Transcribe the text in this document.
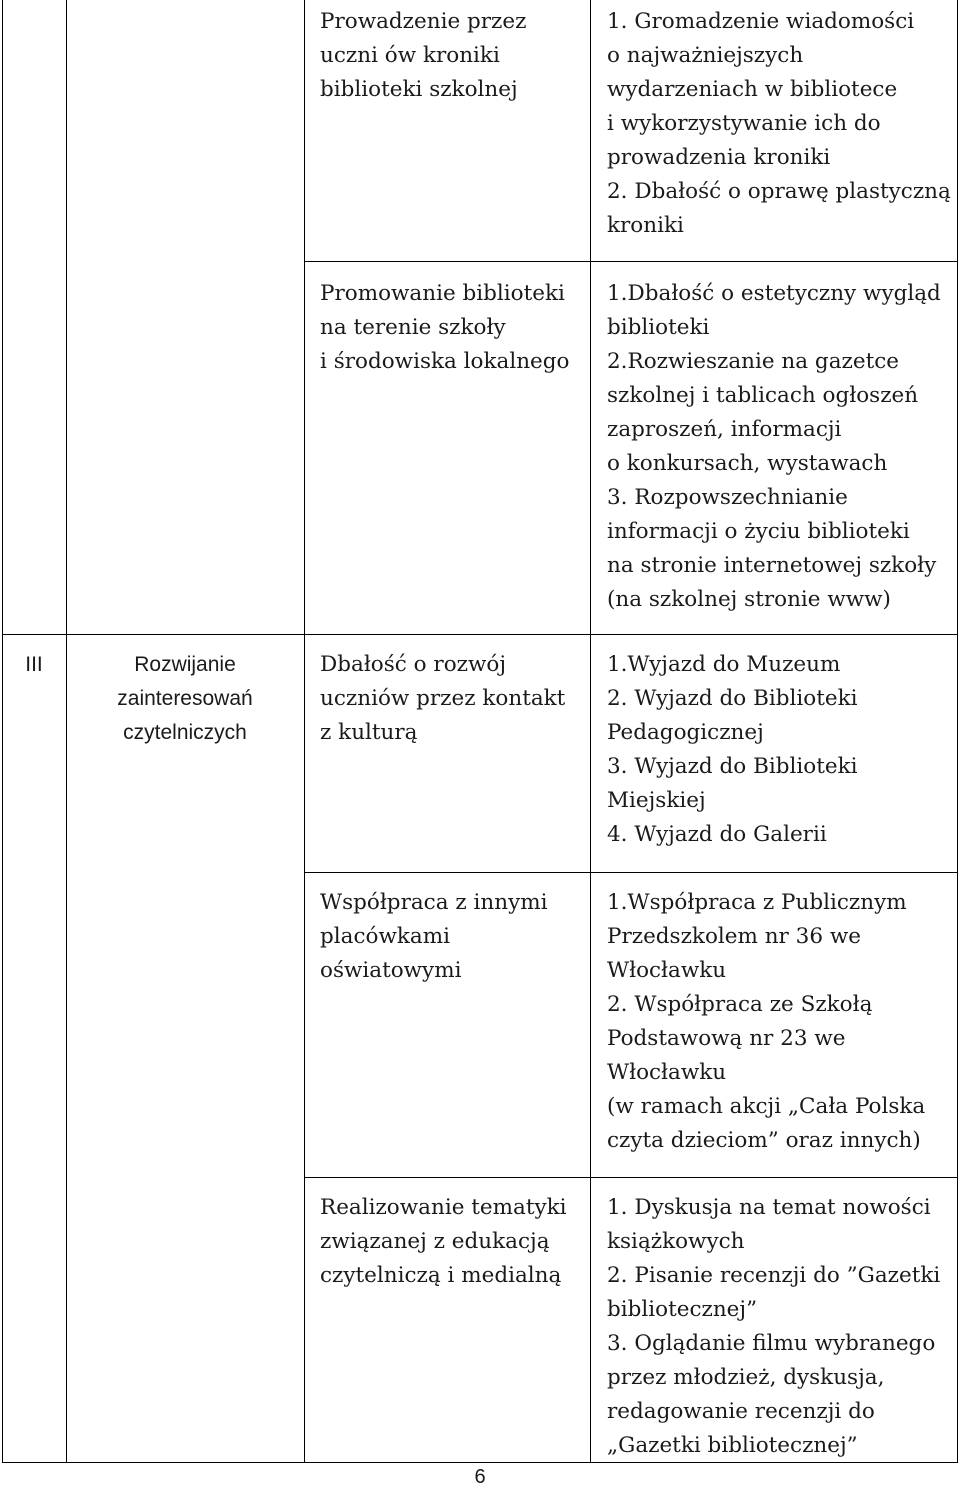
Prowadzenie przez
uczni ów kroniki
biblioteki szkolnej
1. Gromadzenie wiadomości
o najważniejszych
wydarzeniach w bibliotece
i wykorzystywanie ich do
prowadzenia kroniki
2. Dbałość o oprawę plastyczną
kroniki
Promowanie biblioteki
na terenie szkoły
i środowiska lokalnego
1.Dbałość o estetyczny wygląd
biblioteki
2.Rozwieszanie na gazetce
szkolnej i tablicach ogłoszeń
zaproszeń, informacji
o konkursach, wystawach
3. Rozpowszechnianie
informacji o życiu biblioteki
na stronie internetowej szkoły
(na szkolnej stronie www)
III	Rozwijanie
zainteresowań
czytelniczych
Dbałość o rozwój
uczniów przez kontakt
z kulturą
1.Wyjazd do Muzeum
2. Wyjazd do Biblioteki
Pedagogicznej
3. Wyjazd do Biblioteki
Miejskiej
4. Wyjazd do Galerii
Współpraca z innymi
placówkami
oświatowymi
1.Współpraca z Publicznym
Przedszkolem nr 36 we
Włocławku
2. Współpraca ze Szkołą
Podstawową nr 23 we
Włocławku
(w ramach akcji „Cała Polska
czyta dzieciom” oraz innych)
Realizowanie tematyki
związanej z edukacją
czytelniczą i medialną
1. Dyskusja na temat nowości
książkowych
2. Pisanie recenzji do ”Gazetki
bibliotecznej”
3. Oglądanie filmu wybranego
przez młodzież, dyskusja,
redagowanie recenzji do
„Gazetki bibliotecznej”
6
